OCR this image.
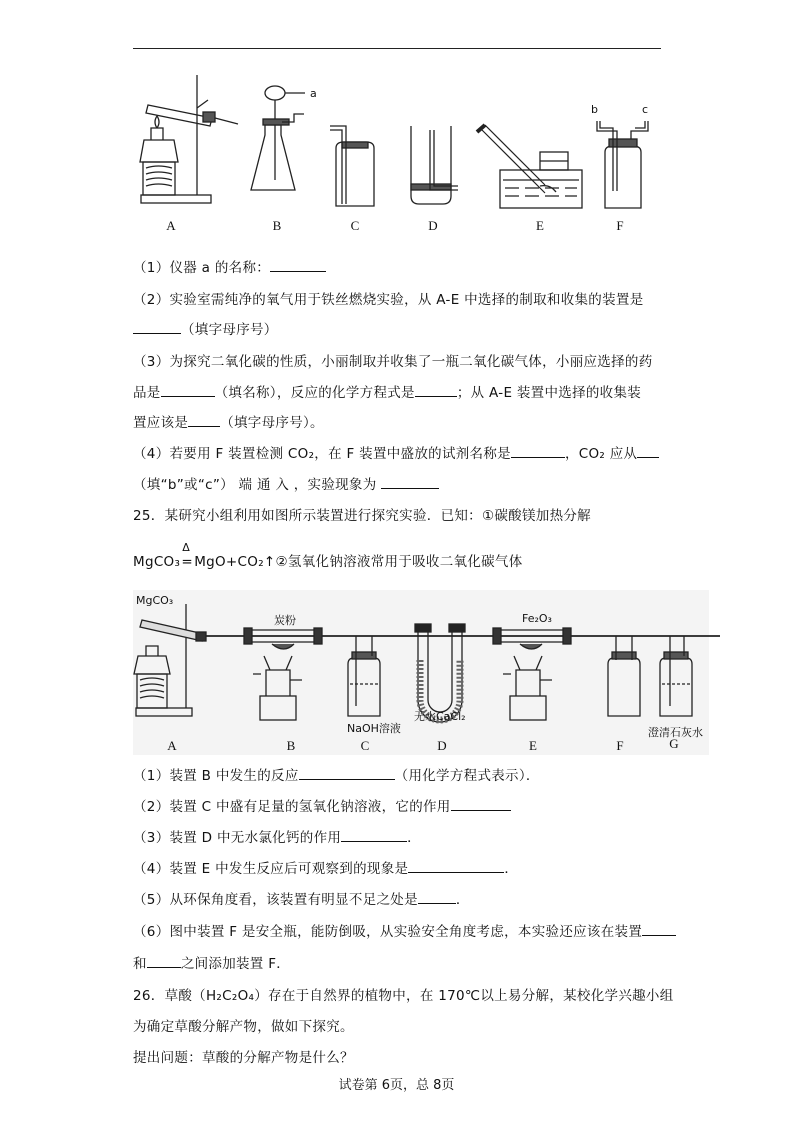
a
b	c
A	B	C	D	E	F
（1）仪器 a 的名称：
（2）实验室需纯净的氧气用于铁丝燃烧实验，从 A-E 中选择的制取和收集的装置是
（填字母序号）
（3）为探究二氧化碳的性质，小丽制取并收集了一瓶二氧化碳气体，小丽应选择的药
品是	（填名称），反应的化学方程式是	；从 A-E 装置中选择的收集装
置应该是 （填字母序号）。
（4）若要用 F 装置检测 CO₂，在 F 装置中盛放的试剂名称是	，CO₂ 应从
（填“b”或“c”） 端 通 入 ，实验现象为
25．某研究小组利用如图所示装置进行探究实验．已知：①碳酸镁加热分解
MgCO₃
Δ
=MgO+CO₂↑②氢氧化钠溶液常用于吸收二氧化碳气体
MgCO₃
炭粉	Fe₂O₃
NaOH溶液
无水CaCl₂
澄清石灰水
A	B	C	D	E	F	G
（1）装置 B 中发生的反应	（用化学方程式表示）．
（2）装置 C 中盛有足量的氢氧化钠溶液，它的作用
（3）装置 D 中无水氯化钙的作用	．
（4）装置 E 中发生反应后可观察到的现象是	．
（5）从环保角度看，该装置有明显不足之处是	．
（6）图中装置 F 是安全瓶，能防倒吸，从实验安全角度考虑，本实验还应该在装置
和	之间添加装置 F．
26．草酸（H₂C₂O₄）存在于自然界的植物中，在 170℃以上易分解，某校化学兴趣小组
为确定草酸分解产物，做如下探究。
提出问题：草酸的分解产物是什么？
试卷第 6页，总 8页
